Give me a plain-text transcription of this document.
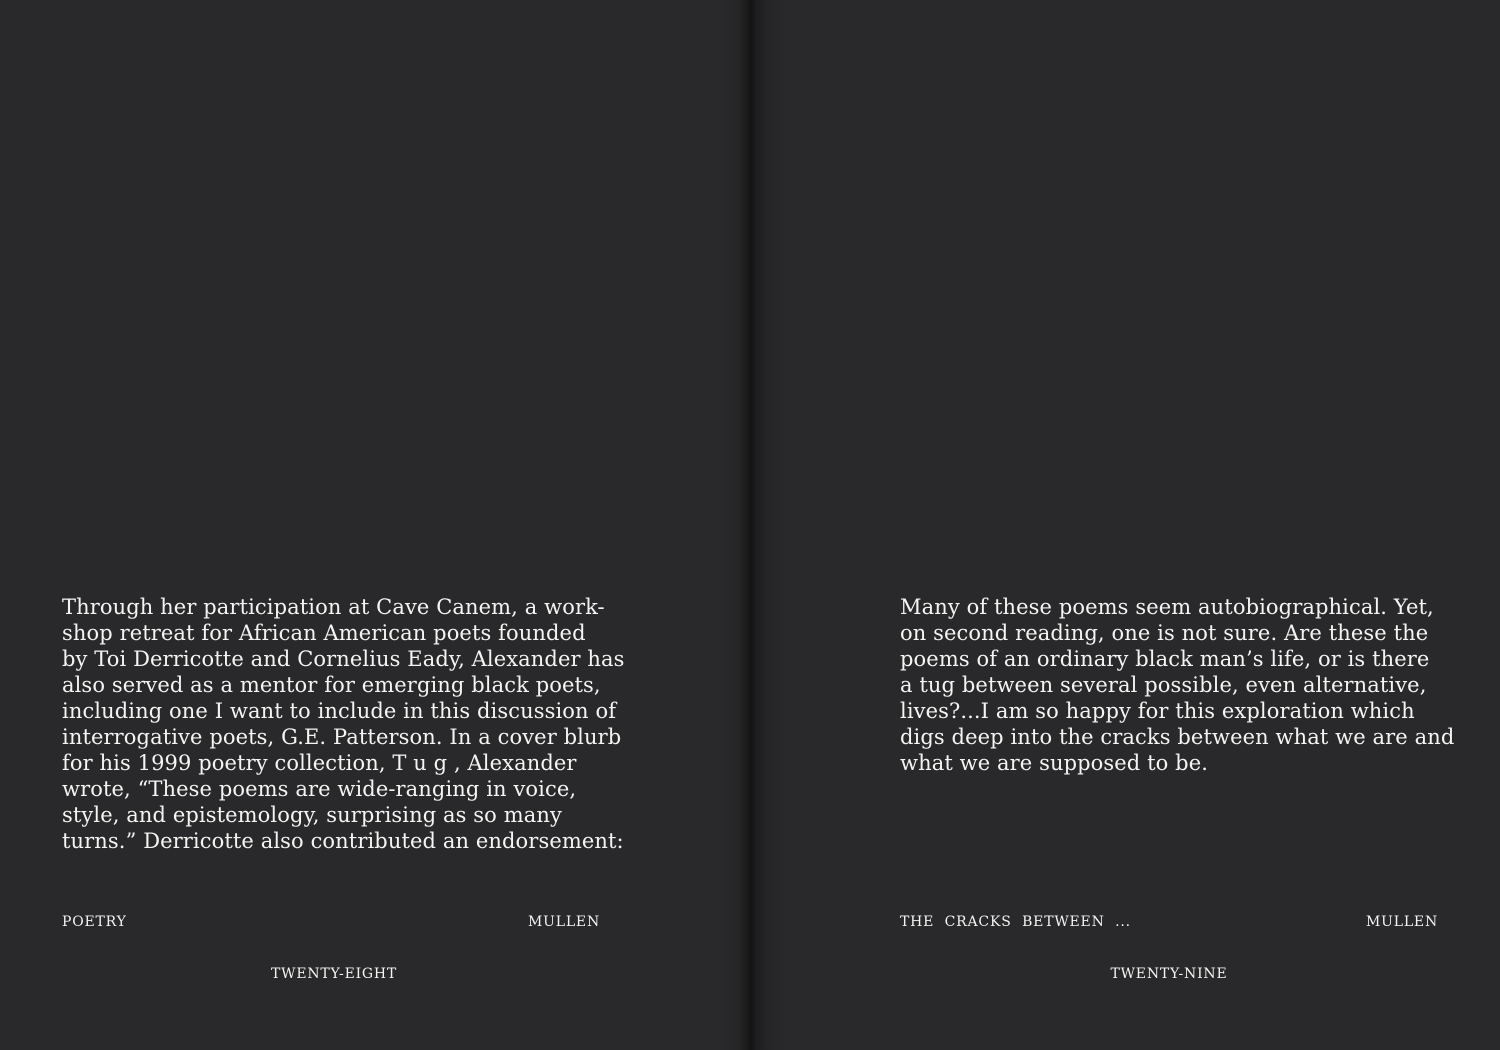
Through her participation at Cave Canem, a work-
shop retreat for African American poets founded
by Toi Derricotte and Cornelius Eady, Alexander has
also served as a mentor for emerging black poets,
including one I want to include in this discussion of
interrogative poets, G.E. Patterson. In a cover blurb
for his 1999 poetry collection, T u g , Alexander
wrote, “These poems are wide-ranging in voice,
style, and epistemology, surprising as so many
turns.” Derricotte also contributed an endorsement:

POETRY	MULLEN
TWENTY-EIGHT

Many of these poems seem autobiographical. Yet,
on second reading, one is not sure. Are these the
poems of an ordinary black man’s life, or is there
a tug between several possible, even alternative,
lives?...I am so happy for this exploration which
digs deep into the cracks between what we are and
what we are supposed to be.

THE  CRACKS  BETWEEN  ...	MULLEN
TWENTY-NINE
